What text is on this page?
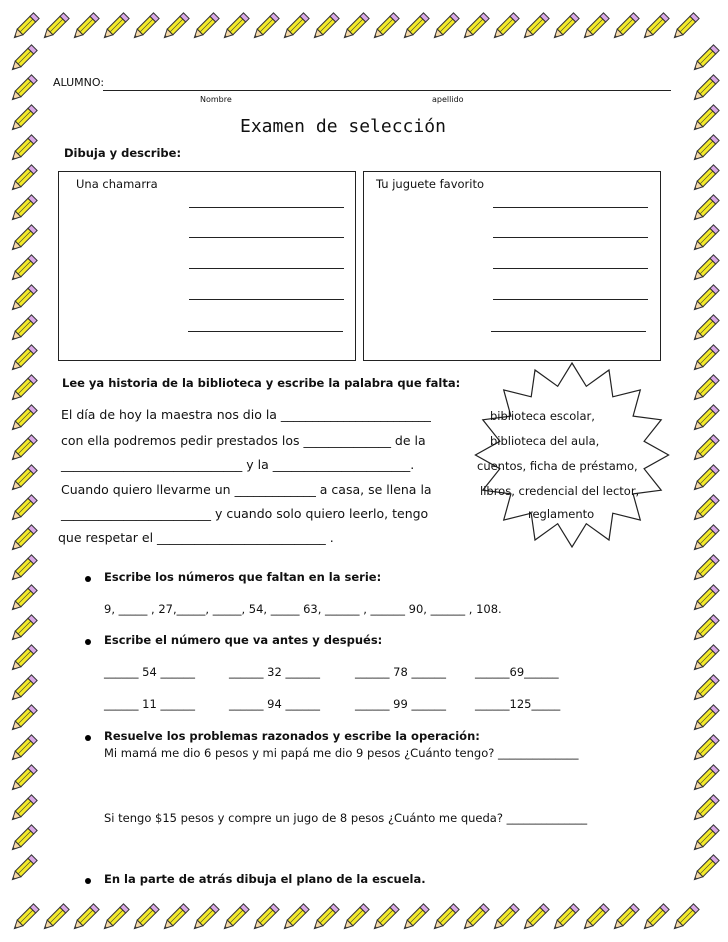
ALUMNO:
Nombre	apellido
Examen de selección
Dibuja y describe:
Una chamarra	Tu juguete favorito
Lee ya historia de la biblioteca y escribe la palabra que falta:
El día de hoy la maestra nos dio la ________________________
con ella podremos pedir prestados los ______________ de la
_____________________________ y la ______________________.
Cuando quiero llevarme un _____________ a casa, se llena la
________________________ y cuando solo quiero leerlo, tengo
que respetar el ___________________________ .
biblioteca escolar,
biblioteca del aula,
cuentos, ficha de préstamo,
libros, credencial del lector,
reglamento
Escribe los números que faltan en la serie:
9, _____ , 27,_____, _____, 54, _____ 63, ______ , ______ 90, ______ , 108.
Escribe el número que va antes y después:
______ 54 ______	______ 32 ______	______ 78 ______	______69______
______ 11 ______	______ 94 ______	______ 99 ______	______125_____
Resuelve los problemas razonados y escribe la operación:
Mi mamá me dio 6 pesos y mi papá me dio 9 pesos ¿Cuánto tengo? ______________
Si tengo $15 pesos y compre un jugo de 8 pesos ¿Cuánto me queda? ______________
En la parte de atrás dibuja el plano de la escuela.
